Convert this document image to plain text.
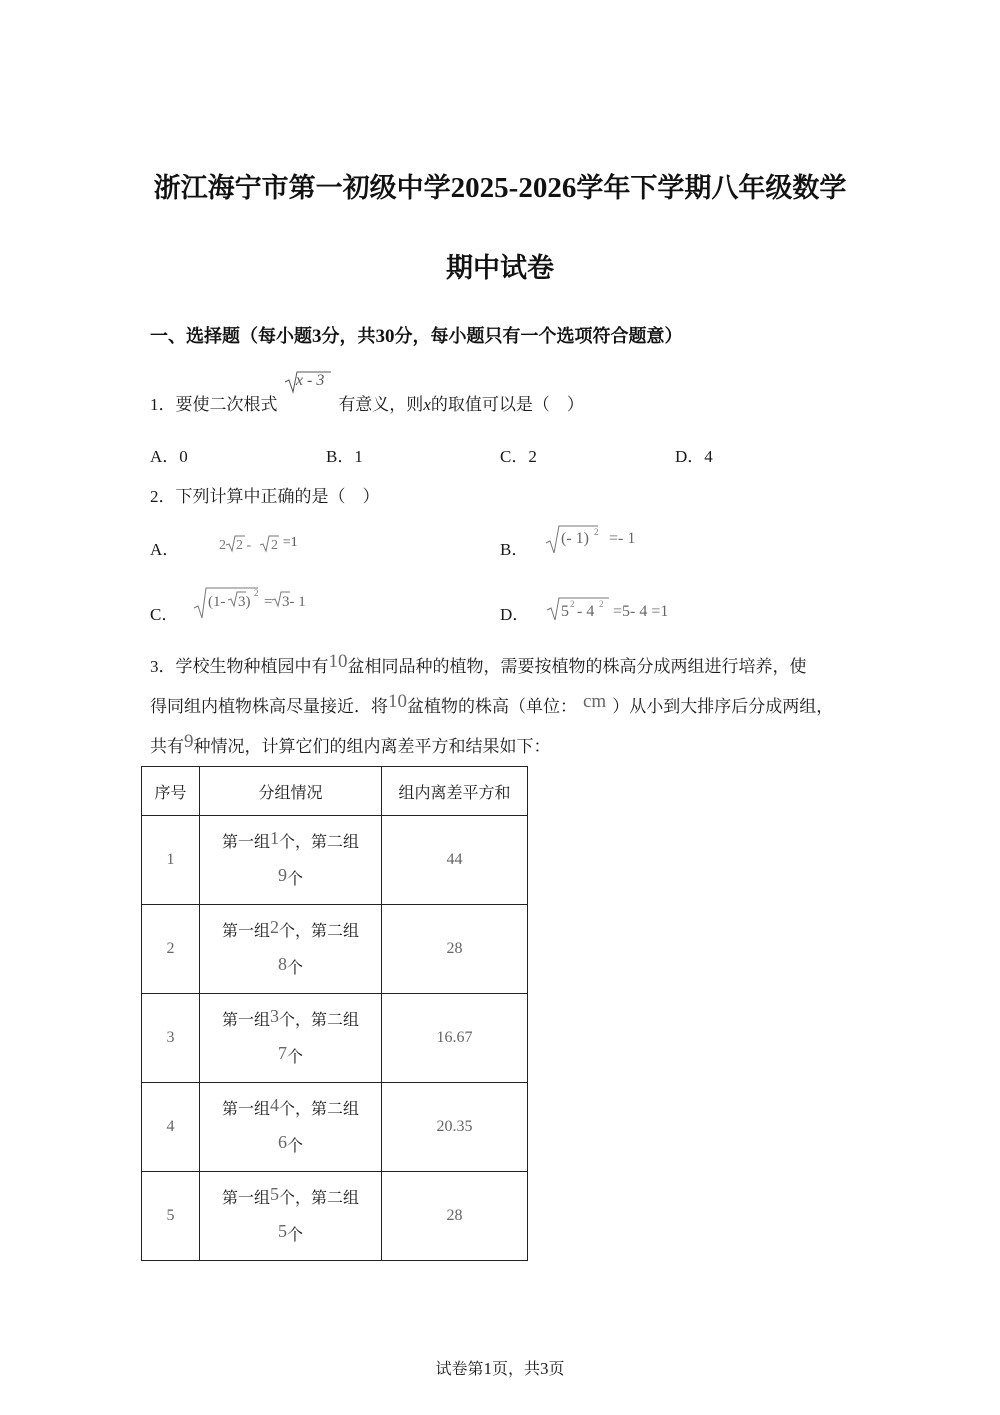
浙江海宁市第一初级中学2025-2026学年下学期八年级数学
期中试卷
一、选择题（每小题3分，共30分，每小题只有一个选项符合题意）
1．要使二次根式
x - 3
有意义，则x的取值可以是（　）
A．0	B．1	C．2	D．4
2．下列计算中正确的是（　）
A．	2 2 - 2 =1	B．
(- 1) 2 =- 1
C．
(1- 3)
2
= 3- 1
D． 5 2 - 4 2 =5- 4 =1
3．学校生物种植园中有10盆相同品种的植物，需要按植物的株高分成两组进行培养，使
得同组内植物株高尽量接近．将10盆植物的株高（单位： cm ）从小到大排序后分成两组，
共有9种情况，计算它们的组内离差平方和结果如下：
序号	分组情况	组内离差平方和
1	第一组1个，第二组
9个	44
2	第一组2个，第二组
8个	28
3	第一组3个，第二组
7个	16.67
4	第一组4个，第二组
6个	20.35
5	第一组5个，第二组
5个	28
试卷第1页，共3页
